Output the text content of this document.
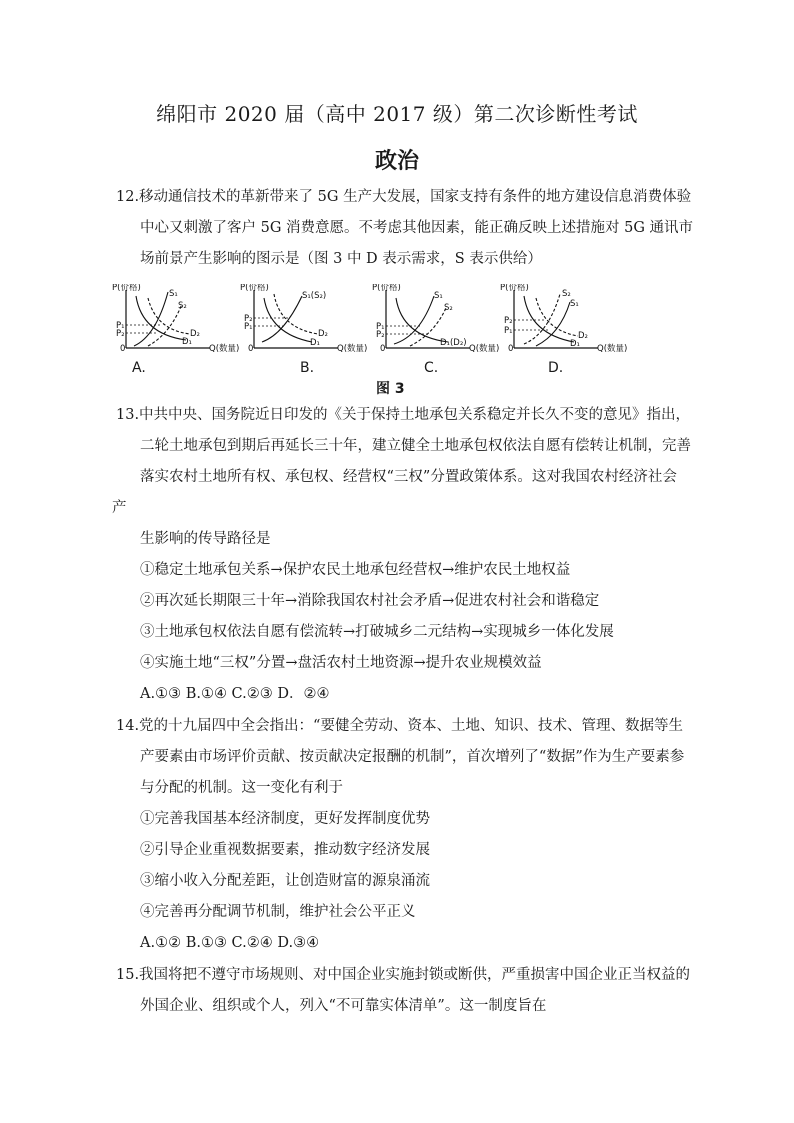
绵阳市 2020 届（高中 2017 级）第二次诊断性考试
政治
12.移动通信技术的革新带来了 5G 生产大发展，国家支持有条件的地方建设信息消费体验
中心又刺激了客户 5G 消费意愿。不考虑其他因素，能正确反映上述措施对 5G 通讯市
场前景产生影响的图示是（图 3 中 D 表示需求，S 表示供给）
P(价格)
Q(数量)
0
P₁
P₂
S₁
S₂
D₂
D₁
A.
P(价格)
Q(数量)
0
P₂
P₁
S₁(S₂)
D₂
D₁
B.
P(价格)
Q(数量)
0
P₁
P₂
S₁
S₂
D₁(D₂)
C.
P(价格)
Q(数量)
0
P₂
P₁
S₂
S₁
D₂
D₁
D.
图 3
13.中共中央、国务院近日印发的《关于保持土地承包关系稳定并长久不变的意见》指出，
二轮土地承包到期后再延长三十年，建立健全土地承包权依法自愿有偿转让机制，完善
落实农村土地所有权、承包权、经营权“三权”分置政策体系。这对我国农村经济社会
产
生影响的传导路径是
①稳定土地承包关系→保护农民土地承包经营权→维护农民土地权益
②再次延长期限三十年→消除我国农村社会矛盾→促进农村社会和谐稳定
③土地承包权依法自愿有偿流转→打破城乡二元结构→实现城乡一体化发展
④实施土地“三权”分置→盘活农村土地资源→提升农业规模效益
A.①③ B.①④ C.②③ D．②④
14.党的十九届四中全会指出：“要健全劳动、资本、土地、知识、技术、管理、数据等生
产要素由市场评价贡献、按贡献决定报酬的机制”，首次增列了“数据”作为生产要素参
与分配的机制。这一变化有利于
①完善我国基本经济制度，更好发挥制度优势
②引导企业重视数据要素，推动数字经济发展
③缩小收入分配差距，让创造财富的源泉涌流
④完善再分配调节机制，维护社会公平正义
A.①② B.①③ C.②④ D.③④
15.我国将把不遵守市场规则、对中国企业实施封锁或断供，严重损害中国企业正当权益的
外国企业、组织或个人，列入“不可靠实体清单”。这一制度旨在
